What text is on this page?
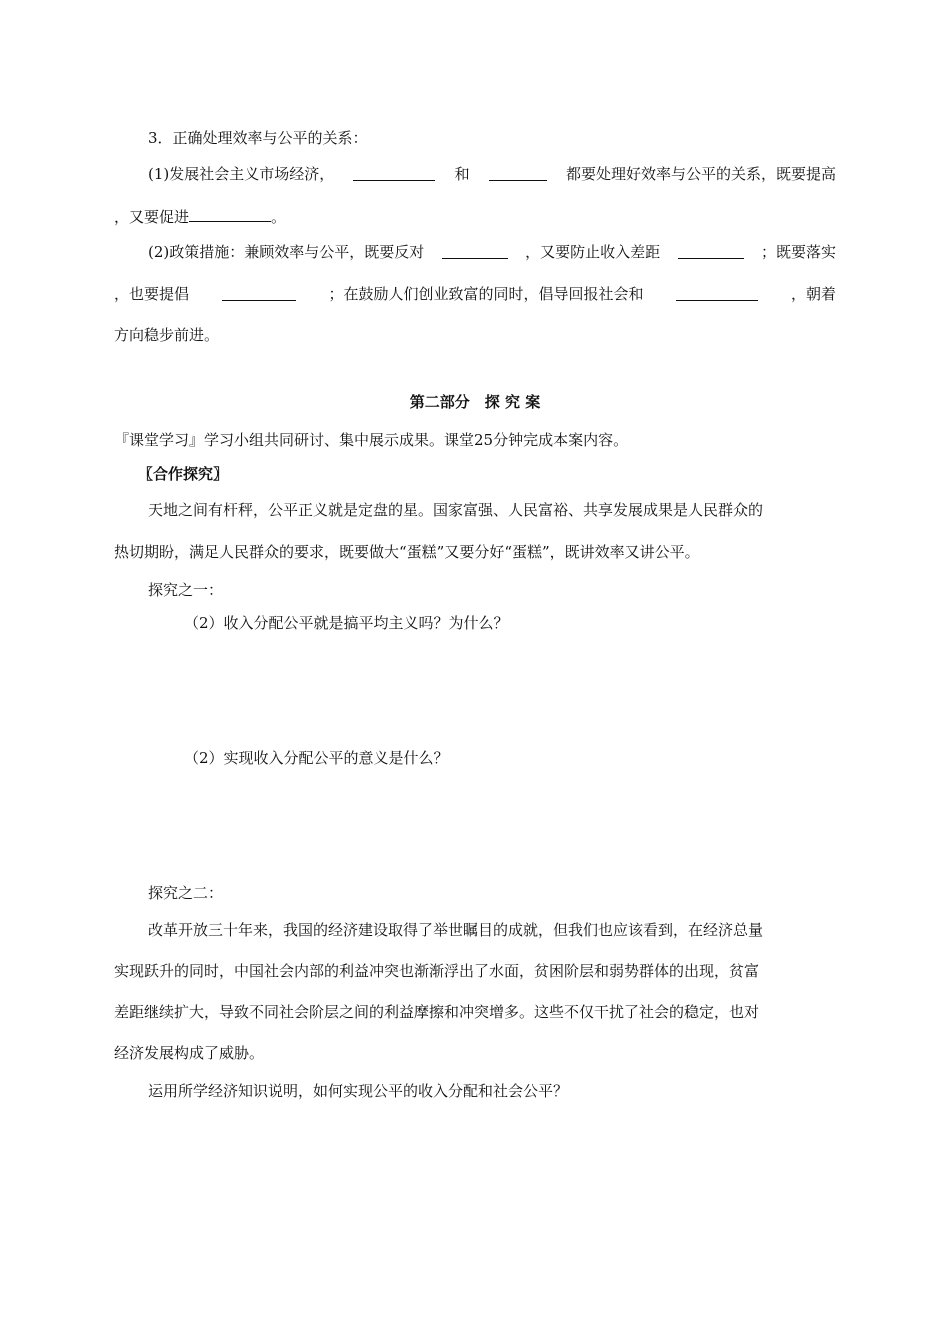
3．正确处理效率与公平的关系：
(1)发展社会主义市场经济，	和	都要处理好效率与公平的关系，既要提高
，又要促进	。
(2)政策措施：兼顾效率与公平，既要反对	，又要防止收入差距	；既要落实
，也要提倡	；在鼓励人们创业致富的同时，倡导回报社会和	，朝着
方向稳步前进。
第二部分　探 究 案
『课堂学习』学习小组共同研讨、集中展示成果。课堂25分钟完成本案内容。
〖合作探究〗
天地之间有杆秤，公平正义就是定盘的星。国家富强、人民富裕、共享发展成果是人民群众的
热切期盼，满足人民群众的要求，既要做大“蛋糕”又要分好“蛋糕”，既讲效率又讲公平。
探究之一：
（2）收入分配公平就是搞平均主义吗？为什么？
（2）实现收入分配公平的意义是什么？
探究之二：
改革开放三十年来，我国的经济建设取得了举世瞩目的成就，但我们也应该看到，在经济总量
实现跃升的同时，中国社会内部的利益冲突也渐渐浮出了水面，贫困阶层和弱势群体的出现，贫富
差距继续扩大，导致不同社会阶层之间的利益摩擦和冲突增多。这些不仅干扰了社会的稳定，也对
经济发展构成了威胁。
运用所学经济知识说明，如何实现公平的收入分配和社会公平？
